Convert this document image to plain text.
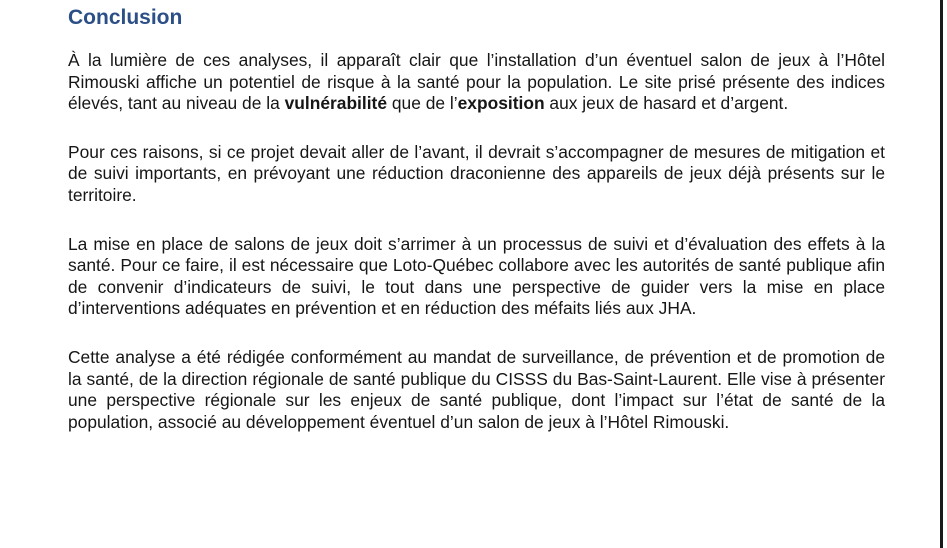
Conclusion

À la lumière de ces analyses, il apparaît clair que l’installation d’un éventuel salon de jeux à l’Hôtel Rimouski affiche un potentiel de risque à la santé pour la population. Le site prisé présente des indices élevés, tant au niveau de la vulnérabilité que de l’exposition aux jeux de hasard et d’argent.

Pour ces raisons, si ce projet devait aller de l’avant, il devrait s’accompagner de mesures de mitigation et de suivi importants, en prévoyant une réduction draconienne des appareils de jeux déjà présents sur le territoire.

La mise en place de salons de jeux doit s’arrimer à un processus de suivi et d’évaluation des effets à la santé. Pour ce faire, il est nécessaire que Loto-Québec collabore avec les autorités de santé publique afin de convenir d’indicateurs de suivi, le tout dans une perspective de guider vers la mise en place d’interventions adéquates en prévention et en réduction des méfaits liés aux JHA.

Cette analyse a été rédigée conformément au mandat de surveillance, de prévention et de promotion de la santé, de la direction régionale de santé publique du CISSS du Bas-Saint-Laurent. Elle vise à présenter une perspective régionale sur les enjeux de santé publique, dont l’impact sur l’état de santé de la population, associé au développement éventuel d’un salon de jeux à l’Hôtel Rimouski.
